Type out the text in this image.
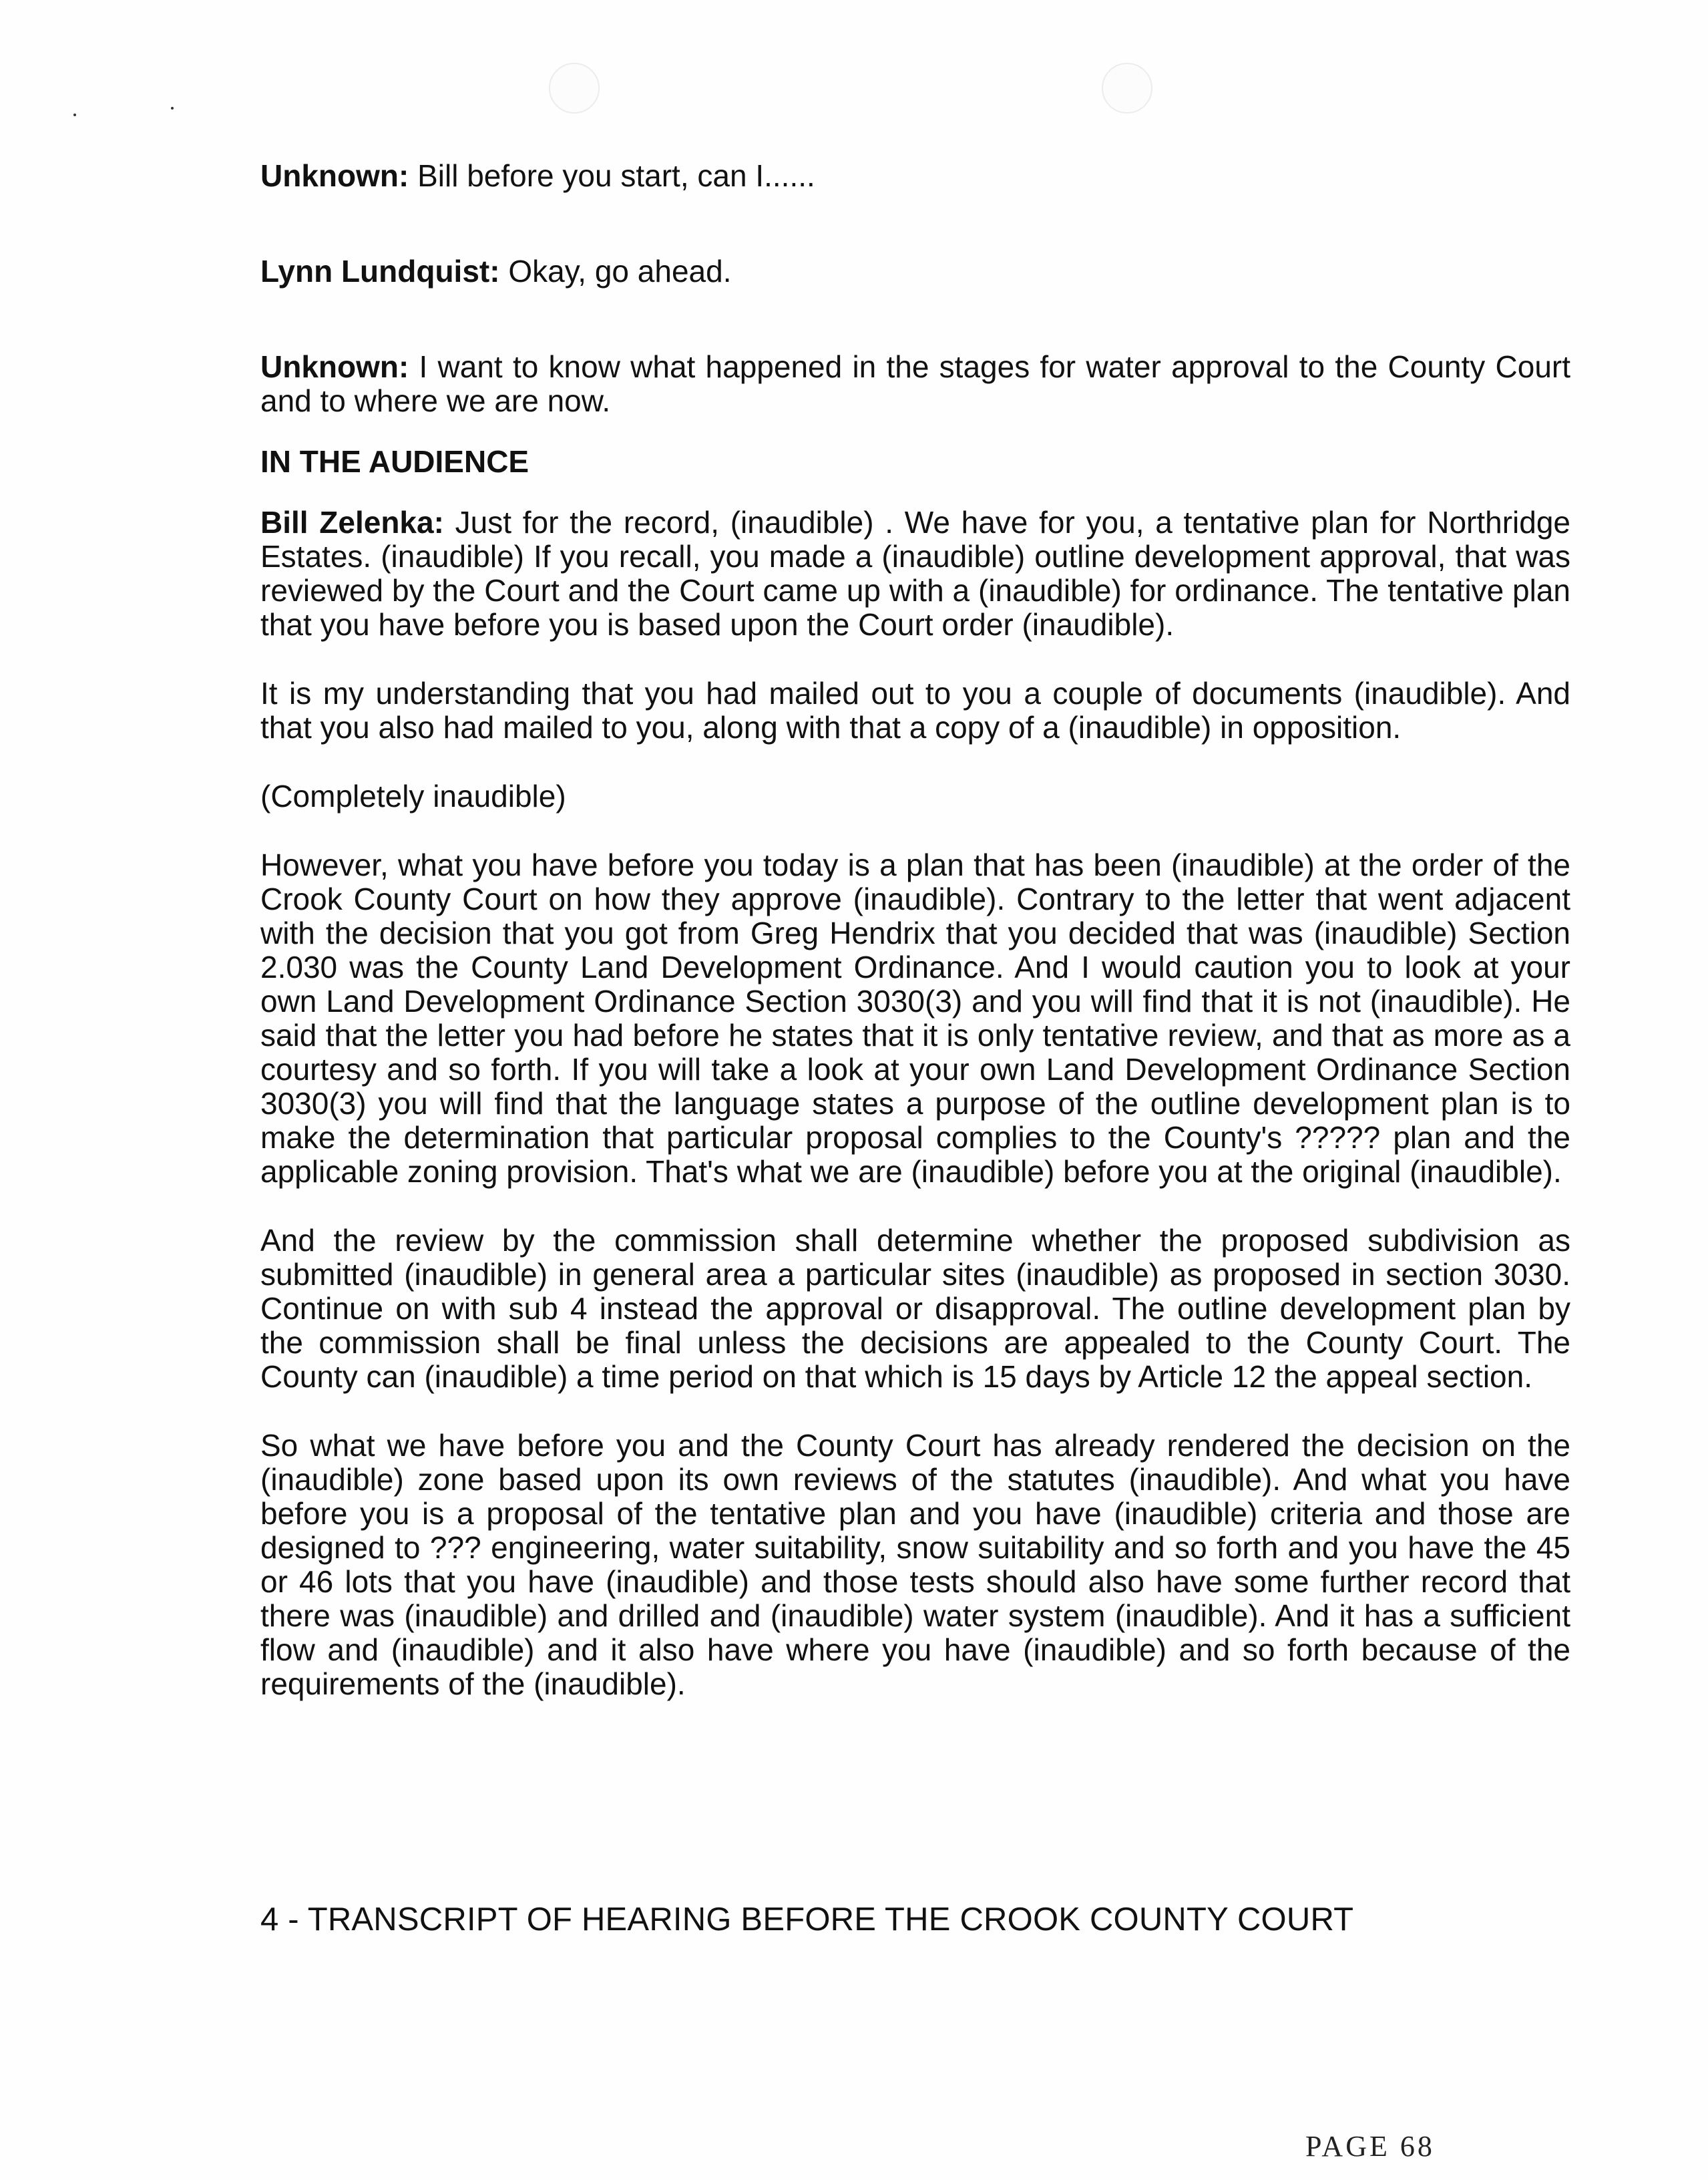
Unknown: Bill before you start, can I......

Lynn Lundquist: Okay, go ahead.

Unknown: I want to know what happened in the stages for water approval to the County Court and to where we are now.

IN THE AUDIENCE

Bill Zelenka: Just for the record, (inaudible) . We have for you, a tentative plan for Northridge Estates. (inaudible) If you recall, you made a (inaudible) outline development approval, that was reviewed by the Court and the Court came up with a (inaudible) for ordinance. The tentative plan that you have before you is based upon the Court order (inaudible).

It is my understanding that you had mailed out to you a couple of documents (inaudible). And that you also had mailed to you, along with that a copy of a (inaudible) in opposition.

(Completely inaudible)

However, what you have before you today is a plan that has been (inaudible) at the order of the Crook County Court on how they approve (inaudible). Contrary to the letter that went adjacent with the decision that you got from Greg Hendrix that you decided that was (inaudible) Section 2.030 was the County Land Development Ordinance. And I would caution you to look at your own Land Development Ordinance Section 3030(3) and you will find that it is not (inaudible). He said that the letter you had before he states that it is only tentative review, and that as more as a courtesy and so forth. If you will take a look at your own Land Development Ordinance Section 3030(3) you will find that the language states a purpose of the outline development plan is to make the determination that particular proposal complies to the County's ????? plan and the applicable zoning provision. That's what we are (inaudible) before you at the original (inaudible).

And the review by the commission shall determine whether the proposed subdivision as submitted (inaudible) in general area a particular sites (inaudible) as proposed in section 3030. Continue on with sub 4 instead the approval or disapproval. The outline development plan by the commission shall be final unless the decisions are appealed to the County Court. The County can (inaudible) a time period on that which is 15 days by Article 12 the appeal section.

So what we have before you and the County Court has already rendered the decision on the (inaudible) zone based upon its own reviews of the statutes (inaudible). And what you have before you is a proposal of the tentative plan and you have (inaudible) criteria and those are designed to ??? engineering, water suitability, snow suitability and so forth and you have the 45 or 46 lots that you have (inaudible) and those tests should also have some further record that there was (inaudible) and drilled and (inaudible) water system (inaudible). And it has a sufficient flow and (inaudible) and it also have where you have (inaudible) and so forth because of the requirements of the (inaudible).

4 - TRANSCRIPT OF HEARING BEFORE THE CROOK COUNTY COURT
PAGE 68
